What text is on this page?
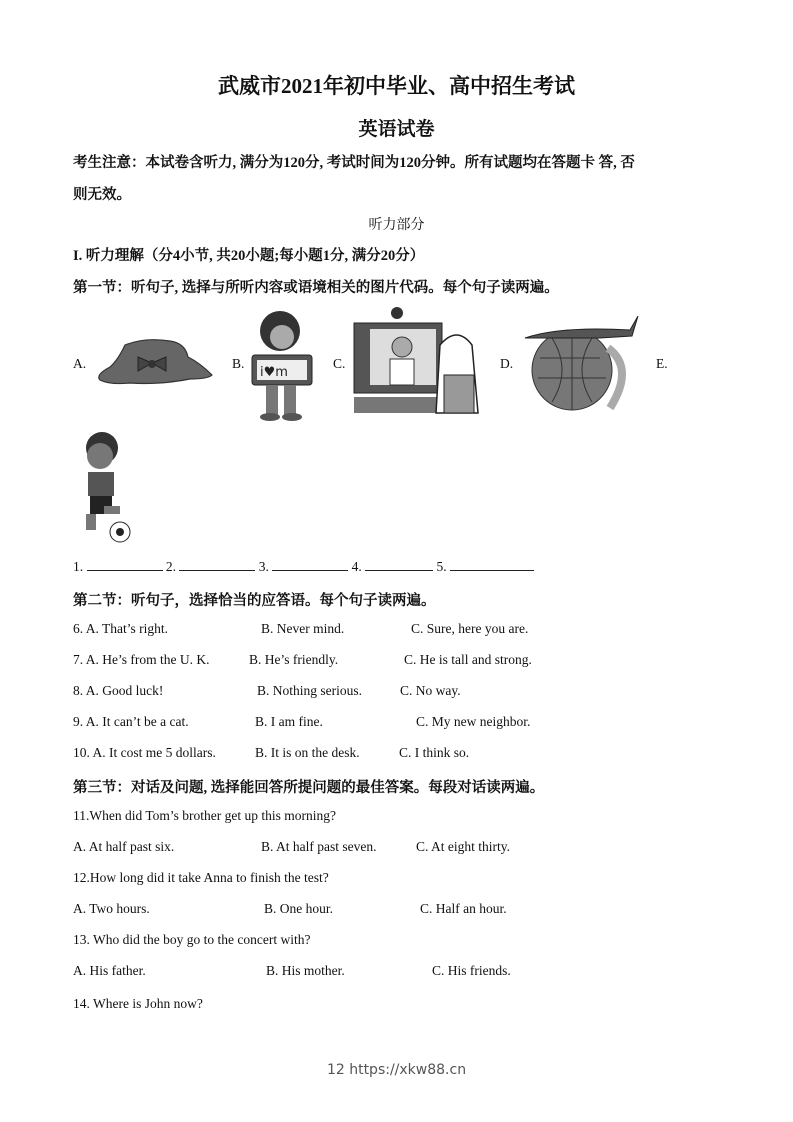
武威市2021年初中毕业、高中招生考试
英语试卷
考生注意：本试卷含听力, 满分为120分, 考试时间为120分钟。所有试题均在答题卡 答, 否
则无效。
听力部分
I. 听力理解（分4小节, 共20小题;每小题1分, 满分20分）
第一节：听句子, 选择与所听内容或语境相关的图片代码。每个句子读两遍。
A.	B.
i♥m
C.	D.	E.
1.	2.	3.	4.	5.
第二节：听句子，选择恰当的应答语。每个句子读两遍。
6. A. That’s right.	B. Never mind.	C. Sure, here you are.
7. A. He’s from the U. K.	B. He’s friendly.	C. He is tall and strong.
8. A. Good luck!	B. Nothing serious.	C. No way.
9. A. It can’t be a cat.	B. I am fine.	C. My new neighbor.
10. A. It cost me 5 dollars.	B. It is on the desk.	C. I think so.
第三节：对话及问题, 选择能回答所提问题的最佳答案。每段对话读两遍。
11.When did Tom’s brother get up this morning?
A. At half past six.	B. At half past seven.	C. At eight thirty.
12.How long did it take Anna to finish the test?
A. Two hours.	B. One hour.	C. Half an hour.
13. Who did the boy go to the concert with?
A. His father.	B. His mother.	C. His friends.
14. Where is John now?
12 https://xkw88.cn
